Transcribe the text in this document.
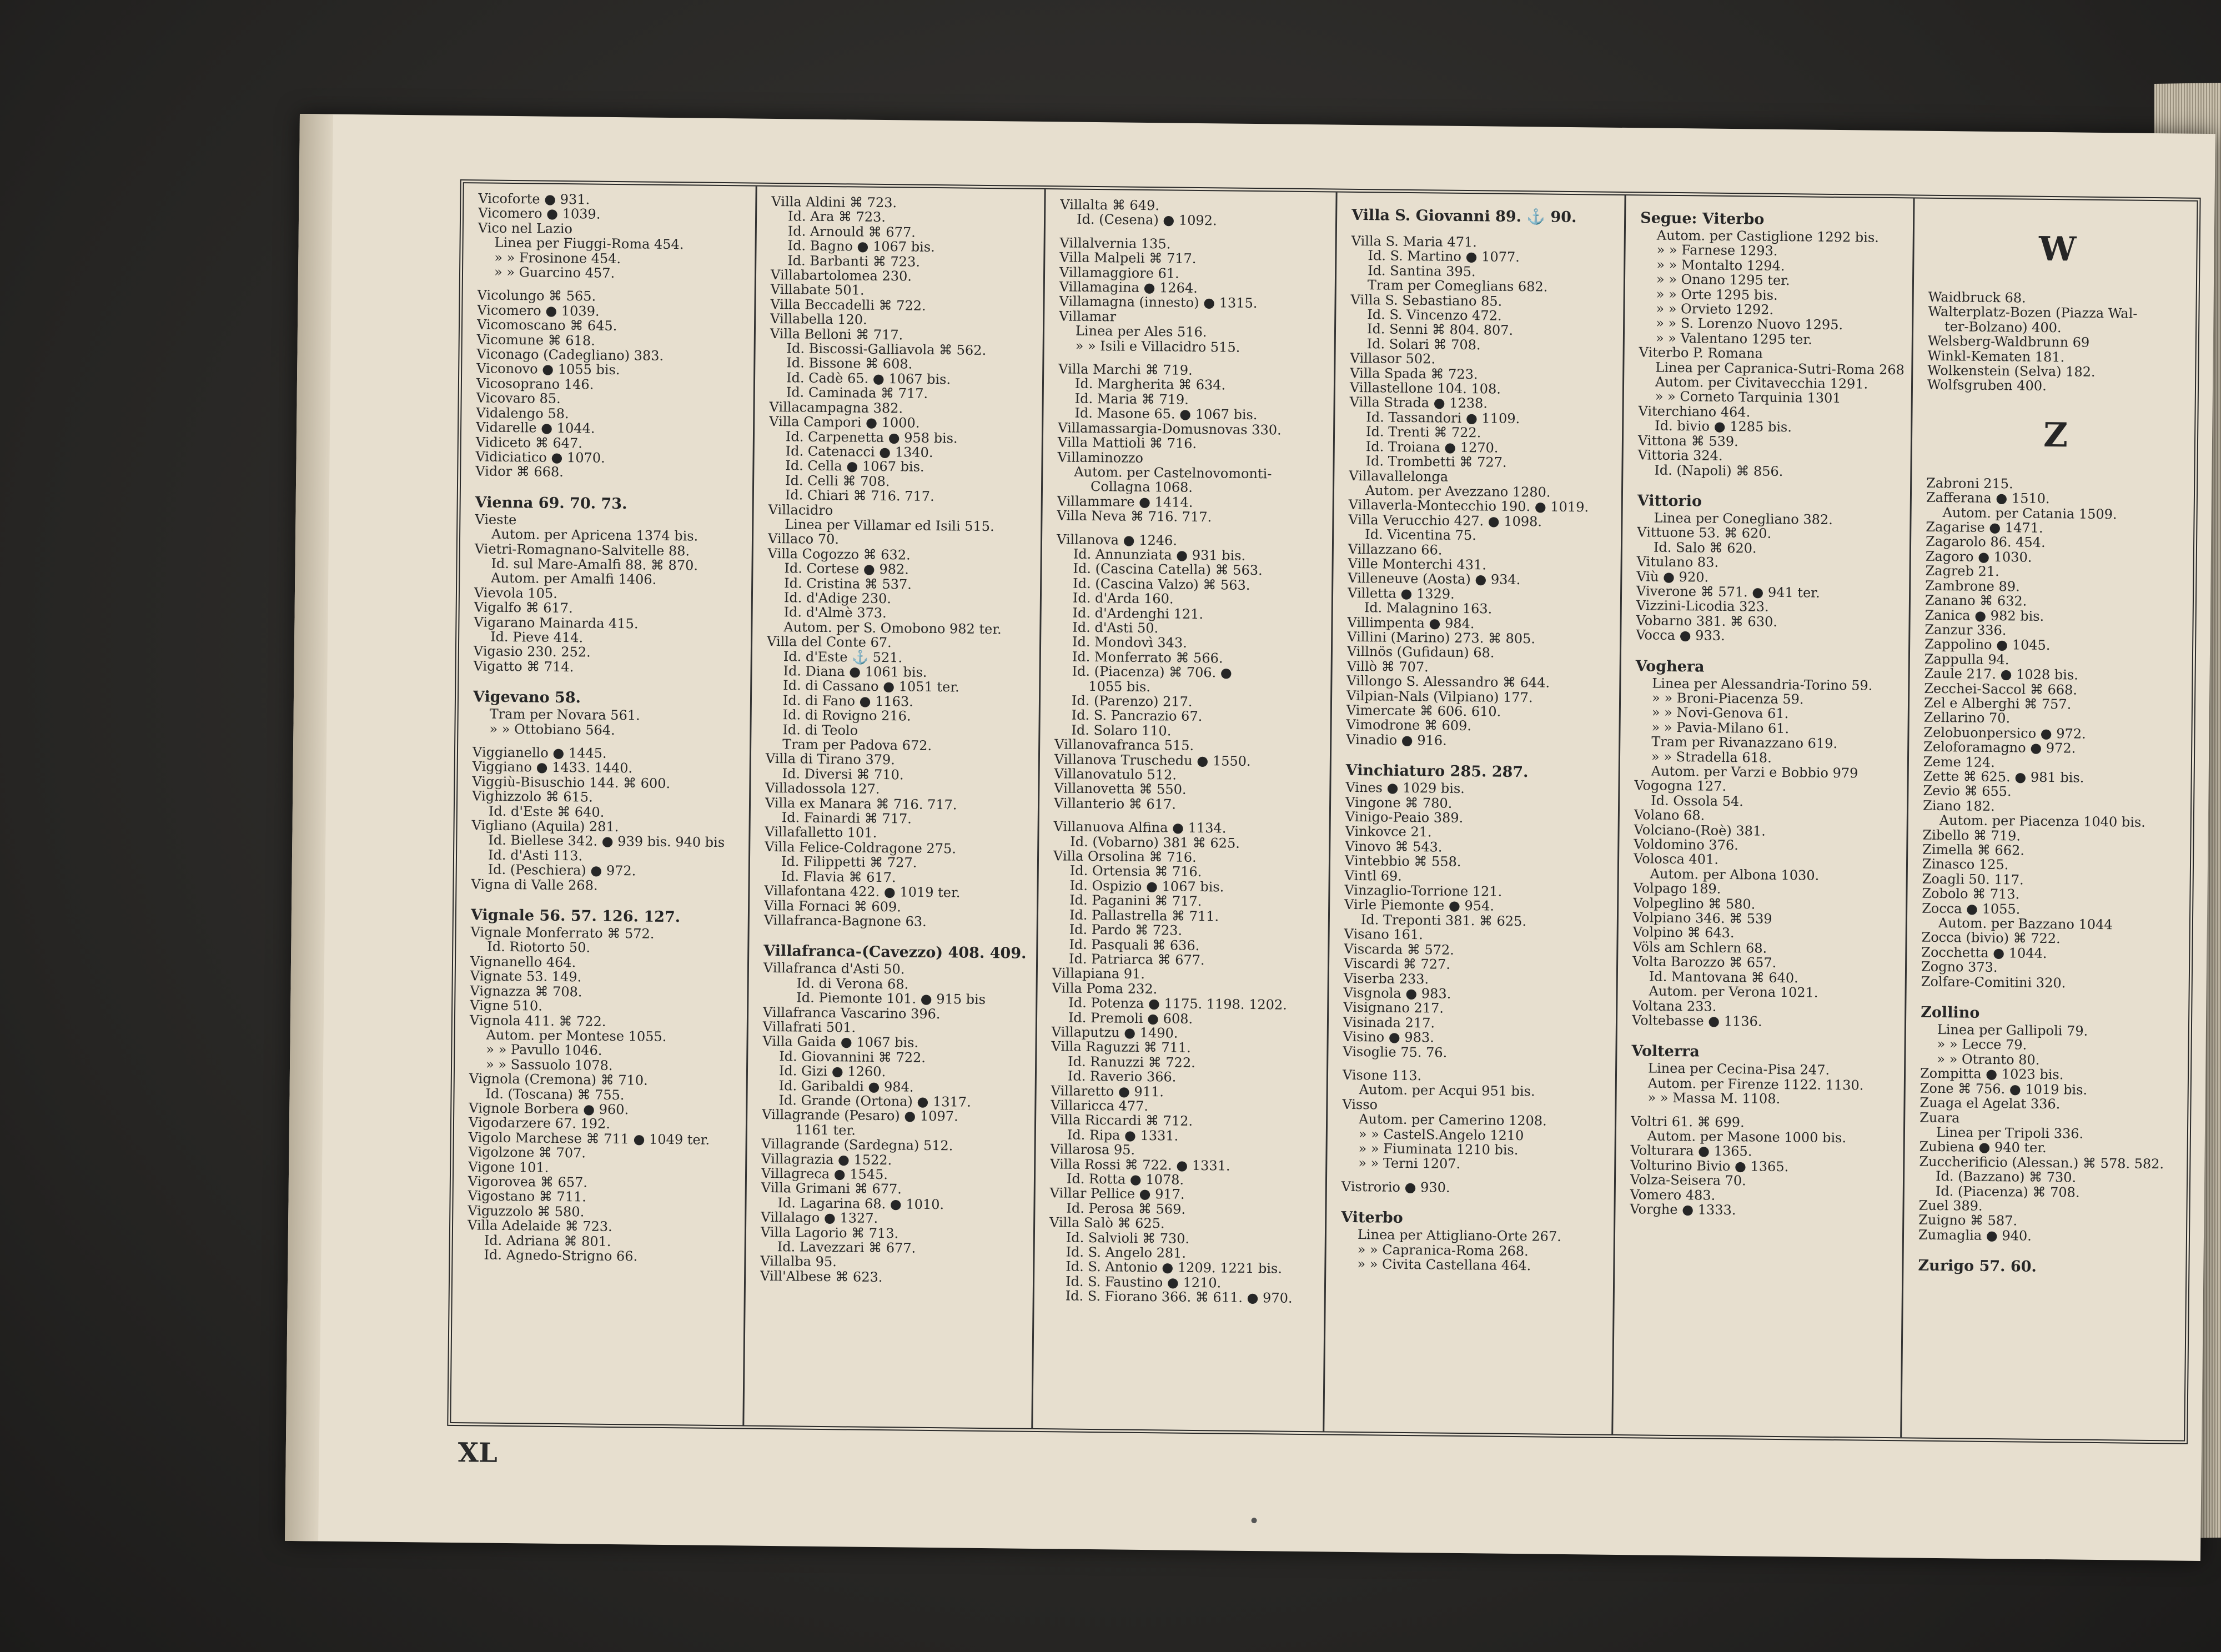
Vicoforte ● 931.
Vicomero ● 1039.
Vico nel Lazio
Linea per Fiuggi-Roma 454.
» » Frosinone 454.
» » Guarcino 457.
Vicolungo ⌘ 565.
Vicomero ● 1039.
Vicomoscano ⌘ 645.
Vicomune ⌘ 618.
Viconago (Cadegliano) 383.
Viconovo ● 1055 bis.
Vicosoprano 146.
Vicovaro 85.
Vidalengo 58.
Vidarelle ● 1044.
Vidiceto ⌘ 647.
Vidiciatico ● 1070.
Vidor ⌘ 668.
Vienna 69. 70. 73.
Vieste
Autom. per Apricena 1374 bis.
Vietri-Romagnano-Salvitelle 88.
Id. sul Mare-Amalfi 88. ⌘ 870.
Autom. per Amalfi 1406.
Vievola 105.
Vigalfo ⌘ 617.
Vigarano Mainarda 415.
Id. Pieve 414.
Vigasio 230. 252.
Vigatto ⌘ 714.
Vigevano 58.
Tram per Novara 561.
» » Ottobiano 564.
Viggianello ● 1445.
Viggiano ● 1433. 1440.
Viggiù-Bisuschio 144. ⌘ 600.
Vighizzolo ⌘ 615.
Id. d'Este ⌘ 640.
Vigliano (Aquila) 281.
Id. Biellese 342. ● 939 bis. 940 bis
Id. d'Asti 113.
Id. (Peschiera) ● 972.
Vigna di Valle 268.
Vignale 56. 57. 126. 127.
Vignale Monferrato ⌘ 572.
Id. Riotorto 50.
Vignanello 464.
Vignate 53. 149.
Vignazza ⌘ 708.
Vigne 510.
Vignola 411. ⌘ 722.
Autom. per Montese 1055.
» » Pavullo 1046.
» » Sassuolo 1078.
Vignola (Cremona) ⌘ 710.
Id. (Toscana) ⌘ 755.
Vignole Borbera ● 960.
Vigodarzere 67. 192.
Vigolo Marchese ⌘ 711 ● 1049 ter.
Vigolzone ⌘ 707.
Vigone 101.
Vigoroveа ⌘ 657.
Vigostano ⌘ 711.
Viguzzolo ⌘ 580.
Villa Adelaide ⌘ 723.
Id. Adriana ⌘ 801.
Id. Agnedo-Strigno 66.
Villa Aldini ⌘ 723.
Id. Ara ⌘ 723.
Id. Arnould ⌘ 677.
Id. Bagno ● 1067 bis.
Id. Barbanti ⌘ 723.
Villabartolomea 230.
Villabate 501.
Villa Beccadelli ⌘ 722.
Villabella 120.
Villa Belloni ⌘ 717.
Id. Biscossi-Galliavola ⌘ 562.
Id. Bissone ⌘ 608.
Id. Cadè 65. ● 1067 bis.
Id. Caminada ⌘ 717.
Villacampagna 382.
Villa Campori ● 1000.
Id. Carpenetta ● 958 bis.
Id. Catenacci ● 1340.
Id. Cella ● 1067 bis.
Id. Celli ⌘ 708.
Id. Chiari ⌘ 716. 717.
Villacidro
Linea per Villamar ed Isili 515.
Villaco 70.
Villa Cogozzo ⌘ 632.
Id. Cortese ● 982.
Id. Cristina ⌘ 537.
Id. d'Adige 230.
Id. d'Almè 373.
Autom. per S. Omobono 982 ter.
Villa del Conte 67.
Id. d'Este ⚓ 521.
Id. Diana ● 1061 bis.
Id. di Cassano ● 1051 ter.
Id. di Fano ● 1163.
Id. di Rovigno 216.
Id. di Teolo
Tram per Padova 672.
Villa di Tirano 379.
Id. Diversi ⌘ 710.
Villadossola 127.
Villa ex Manara ⌘ 716. 717.
Id. Fainardi ⌘ 717.
Villafalletto 101.
Villa Felice-Coldragone 275.
Id. Filippetti ⌘ 727.
Id. Flavia ⌘ 617.
Villafontana 422. ● 1019 ter.
Villa Fornaci ⌘ 609.
Villafranca-Bagnone 63.
Villafranca-(Cavezzo) 408. 409.
Villafranca d'Asti 50.
Id. di Verona 68.
Id. Piemonte 101. ● 915 bis
Villafranca Vascarino 396.
Villafrati 501.
Villa Gaida ● 1067 bis.
Id. Giovannini ⌘ 722.
Id. Gizi ● 1260.
Id. Garibaldi ● 984.
Id. Grande (Ortona) ● 1317.
Villagrande (Pesaro) ● 1097.
1161 ter.
Villagrande (Sardegna) 512.
Villagrazia ● 1522.
Villagreca ● 1545.
Villa Grimani ⌘ 677.
Id. Lagarina 68. ● 1010.
Villalago ● 1327.
Villa Lagorio ⌘ 713.
Id. Lavezzari ⌘ 677.
Villalba 95.
Vill'Albese ⌘ 623.
Villalta ⌘ 649.
Id. (Cesena) ● 1092.
Villalvernia 135.
Villa Malpeli ⌘ 717.
Villamaggiore 61.
Villamagina ● 1264.
Villamagna (innesto) ● 1315.
Villamar
Linea per Ales 516.
» » Isili e Villacidro 515.
Villa Marchi ⌘ 719.
Id. Margherita ⌘ 634.
Id. Maria ⌘ 719.
Id. Masone 65. ● 1067 bis.
Villamassargia-Domusnovas 330.
Villa Mattioli ⌘ 716.
Villaminozzo
Autom. per Castelnovomonti-
Collagna 1068.
Villammare ● 1414.
Villa Neva ⌘ 716. 717.
Villanova ● 1246.
Id. Annunziata ● 931 bis.
Id. (Cascina Catella) ⌘ 563.
Id. (Cascina Valzo) ⌘ 563.
Id. d'Arda 160.
Id. d'Ardenghi 121.
Id. d'Asti 50.
Id. Mondovì 343.
Id. Monferrato ⌘ 566.
Id. (Piacenza) ⌘ 706. ●
1055 bis.
Id. (Parenzo) 217.
Id. S. Pancrazio 67.
Id. Solaro 110.
Villanovafranca 515.
Villanova Truschedu ● 1550.
Villanovatulo 512.
Villanovetta ⌘ 550.
Villanterio ⌘ 617.
Villanuova Alfina ● 1134.
Id. (Vobarno) 381 ⌘ 625.
Villa Orsolina ⌘ 716.
Id. Ortensia ⌘ 716.
Id. Ospizio ● 1067 bis.
Id. Paganini ⌘ 717.
Id. Pallastrella ⌘ 711.
Id. Pardo ⌘ 723.
Id. Pasquali ⌘ 636.
Id. Patriarca ⌘ 677.
Villapiana 91.
Villa Poma 232.
Id. Potenza ● 1175. 1198. 1202.
Id. Premoli ● 608.
Villaputzu ● 1490.
Villa Raguzzi ⌘ 711.
Id. Ranuzzi ⌘ 722.
Id. Raverio 366.
Villaretto ● 911.
Villaricca 477.
Villa Riccardi ⌘ 712.
Id. Ripa ● 1331.
Villarosa 95.
Villa Rossi ⌘ 722. ● 1331.
Id. Rotta ● 1078.
Villar Pellice ● 917.
Id. Perosa ⌘ 569.
Villa Salò ⌘ 625.
Id. Salvioli ⌘ 730.
Id. S. Angelo 281.
Id. S. Antonio ● 1209. 1221 bis.
Id. S. Faustino ● 1210.
Id. S. Fiorano 366. ⌘ 611. ● 970.
Villa S. Giovanni 89. ⚓ 90.
Villa S. Maria 471.
Id. S. Martino ● 1077.
Id. Santina 395.
Tram per Comeglians 682.
Villa S. Sebastiano 85.
Id. S. Vincenzo 472.
Id. Senni ⌘ 804. 807.
Id. Solari ⌘ 708.
Villasor 502.
Villa Spada ⌘ 723.
Villastellone 104. 108.
Villa Strada ● 1238.
Id. Tassandori ● 1109.
Id. Trenti ⌘ 722.
Id. Troiana ● 1270.
Id. Trombetti ⌘ 727.
Villavallelonga
Autom. per Avezzano 1280.
Villaverla-Montecchio 190. ● 1019.
Villa Verucchio 427. ● 1098.
Id. Vicentina 75.
Villazzano 66.
Ville Monterchi 431.
Villeneuve (Aosta) ● 934.
Villetta ● 1329.
Id. Malagnino 163.
Villimpenta ● 984.
Villini (Marino) 273. ⌘ 805.
Villnös (Gufidaun) 68.
Villò ⌘ 707.
Villongo S. Alessandro ⌘ 644.
Vilpian-Nals (Vilpiano) 177.
Vimercate ⌘ 606. 610.
Vimodrone ⌘ 609.
Vinadio ● 916.
Vinchiaturo 285. 287.
Vines ● 1029 bis.
Vingone ⌘ 780.
Vinigo-Peaio 389.
Vinkovce 21.
Vinovo ⌘ 543.
Vintebbio ⌘ 558.
Vintl 69.
Vinzaglio-Torrione 121.
Virle Piemonte ● 954.
Id. Treponti 381. ⌘ 625.
Visano 161.
Viscarda ⌘ 572.
Viscardi ⌘ 727.
Viserba 233.
Visgnola ● 983.
Visignano 217.
Visinada 217.
Visino ● 983.
Visoglie 75. 76.
Visone 113.
Autom. per Acqui 951 bis.
Visso
Autom. per Camerino 1208.
» » CastelS.Angelo 1210
» » Fiuminata 1210 bis.
» » Terni 1207.
Vistrorio ● 930.
Viterbo
Linea per Attigliano-Orte 267.
» » Capranica-Roma 268.
» » Civita Castellana 464.
Segue: Viterbo
Autom. per Castiglione 1292 bis.
» » Farnese 1293.
» » Montalto 1294.
» » Onano 1295 ter.
» » Orte 1295 bis.
» » Orvieto 1292.
» » S. Lorenzo Nuovo 1295.
» » Valentano 1295 ter.
Viterbo P. Romana
Linea per Capranica-Sutri-Roma 268
Autom. per Civitavecchia 1291.
» » Corneto Tarquinia 1301
Viterchiano 464.
Id. bivio ● 1285 bis.
Vittona ⌘ 539.
Vittoria 324.
Id. (Napoli) ⌘ 856.
Vittorio
Linea per Conegliano 382.
Vittuone 53. ⌘ 620.
Id. Salo ⌘ 620.
Vitulano 83.
Viù ● 920.
Viverone ⌘ 571. ● 941 ter.
Vizzini-Licodia 323.
Vobarno 381. ⌘ 630.
Vocca ● 933.
Voghera
Linea per Alessandria-Torino 59.
» » Broni-Piacenza 59.
» » Novi-Genova 61.
» » Pavia-Milano 61.
Tram per Rivanazzano 619.
» » Stradella 618.
Autom. per Varzi e Bobbio 979
Vogogna 127.
Id. Ossola 54.
Volano 68.
Volciano-(Roè) 381.
Voldomino 376.
Volosca 401.
Autom. per Albona 1030.
Volpago 189.
Volpeglino ⌘ 580.
Volpiano 346. ⌘ 539
Volpino ⌘ 643.
Völs am Schlern 68.
Volta Barozzo ⌘ 657.
Id. Mantovana ⌘ 640.
Autom. per Verona 1021.
Voltana 233.
Voltebasse ● 1136.
Volterra
Linea per Cecina-Pisa 247.
Autom. per Firenze 1122. 1130.
» » Massa M. 1108.
Voltri 61. ⌘ 699.
Autom. per Masone 1000 bis.
Volturara ● 1365.
Volturino Bivio ● 1365.
Volza-Seisera 70.
Vomero 483.
Vorghe ● 1333.
W
Waidbruck 68.
Walterplatz-Bozen (Piazza Wal-
ter-Bolzano) 400.
Welsberg-Waldbrunn 69
Winkl-Kematen 181.
Wolkenstein (Selva) 182.
Wolfsgruben 400.
Z
Zabroni 215.
Zafferana ● 1510.
Autom. per Catania 1509.
Zagarise ● 1471.
Zagarolo 86. 454.
Zagoro ● 1030.
Zagreb 21.
Zambrone 89.
Zanano ⌘ 632.
Zanica ● 982 bis.
Zanzur 336.
Zappolino ● 1045.
Zappulla 94.
Zaule 217. ● 1028 bis.
Zecchei-Saccol ⌘ 668.
Zel e Alberghi ⌘ 757.
Zellarino 70.
Zelobuonpersico ● 972.
Zeloforamagno ● 972.
Zeme 124.
Zette ⌘ 625. ● 981 bis.
Zevio ⌘ 655.
Ziano 182.
Autom. per Piacenza 1040 bis.
Zibello ⌘ 719.
Zimella ⌘ 662.
Zinasco 125.
Zoagli 50. 117.
Zobolo ⌘ 713.
Zocca ● 1055.
Autom. per Bazzano 1044
Zocca (bivio) ⌘ 722.
Zocchetta ● 1044.
Zogno 373.
Zolfare-Comitini 320.
Zollino
Linea per Gallipoli 79.
» » Lecce 79.
» » Otranto 80.
Zompitta ● 1023 bis.
Zone ⌘ 756. ● 1019 bis.
Zuaga el Agelat 336.
Zuara
Linea per Tripoli 336.
Zubiena ● 940 ter.
Zuccherificio (Alessan.) ⌘ 578. 582.
Id. (Bazzano) ⌘ 730.
Id. (Piacenza) ⌘ 708.
Zuel 389.
Zuigno ⌘ 587.
Zumaglia ● 940.
Zurigo 57. 60.
XL
